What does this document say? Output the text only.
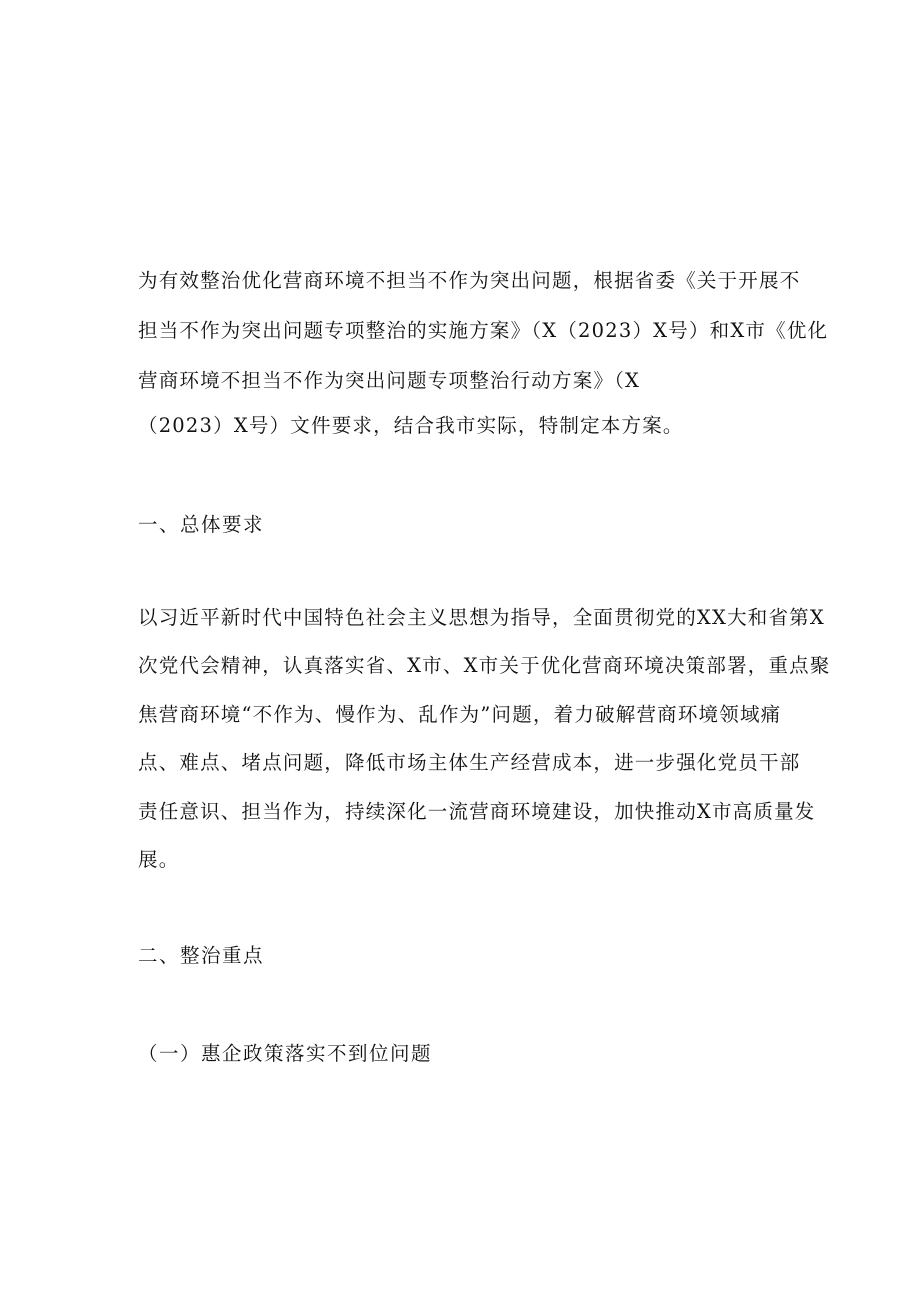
为有效整治优化营商环境不担当不作为突出问题，根据省委《关于开展不
担当不作为突出问题专项整治的实施方案》（X（2023）X号）和X市《优化
营商环境不担当不作为突出问题专项整治行动方案》（X
（2023）X号）文件要求，结合我市实际，特制定本方案。
一、总体要求
以习近平新时代中国特色社会主义思想为指导，全面贯彻党的XX大和省第X
次党代会精神，认真落实省、X市、X市关于优化营商环境决策部署，重点聚
焦营商环境“不作为、慢作为、乱作为”问题，着力破解营商环境领域痛
点、难点、堵点问题，降低市场主体生产经营成本，进一步强化党员干部
责任意识、担当作为，持续深化一流营商环境建设，加快推动X市高质量发
展。
二、整治重点
（一）惠企政策落实不到位问题
